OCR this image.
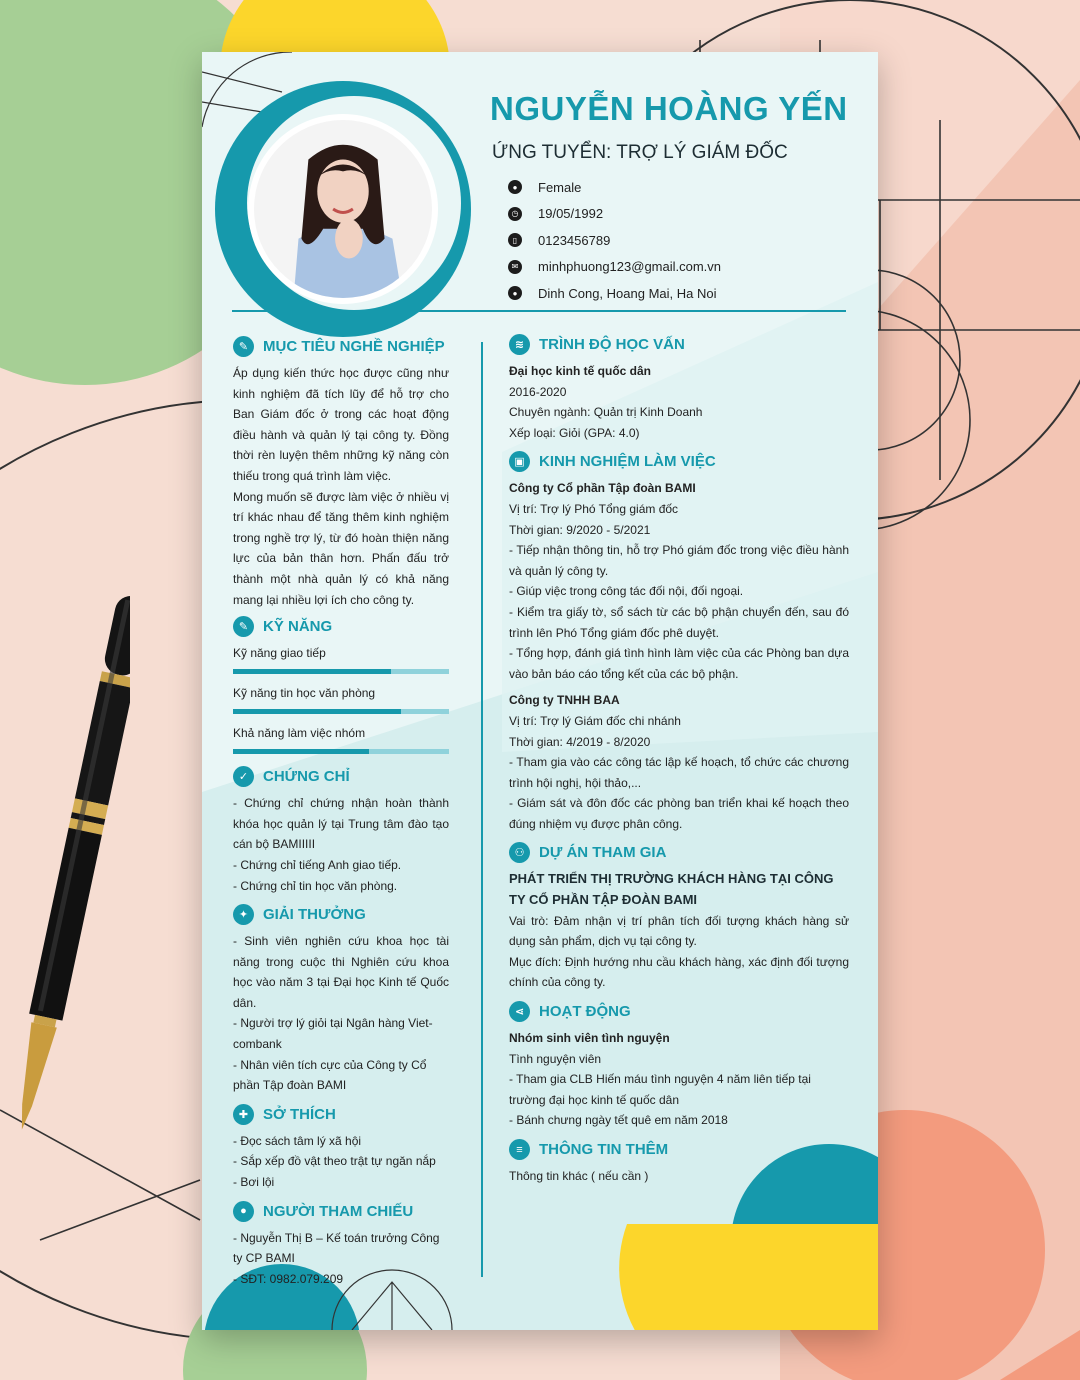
NGUYỄN HOÀNG YẾN
ỨNG TUYỂN: TRỢ LÝ GIÁM ĐỐC
●	Female
◷ 19/05/1992
▯	0123456789
✉ minhphuong123@gmail.com.vn
●	Dinh Cong, Hoang Mai, Ha Noi
✎ MỤC TIÊU NGHỀ NGHIỆP
Áp dụng kiến thức học được cũng như kinh nghiệm đã tích lũy để hỗ trợ cho Ban Giám đốc ở trong các hoạt động điều hành và quản lý tại công ty. Đồng thời rèn luyện thêm những kỹ năng còn thiếu trong quá trình làm việc.
Mong muốn sẽ được làm việc ở nhiều vị trí khác nhau để tăng thêm kinh nghiệm trong nghề trợ lý, từ đó hoàn thiện năng lực của bản thân hơn. Phấn đấu trở thành một nhà quản lý có khả năng mang lại nhiều lợi ích cho công ty.
✎ KỸ NĂNG
Kỹ năng giao tiếp
Kỹ năng tin học văn phòng
Khả năng làm việc nhóm
✓ CHỨNG CHỈ
- Chứng chỉ chứng nhận hoàn thành khóa học quản lý tại Trung tâm đào tạo cán bộ BAMIIIII
- Chứng chỉ tiếng Anh giao tiếp.
- Chứng chỉ tin học văn phòng.
✦ GIẢI THƯỞNG
- Sinh viên nghiên cứu khoa học tài năng trong cuộc thi Nghiên cứu khoa học vào năm 3 tại Đại học Kinh tế Quốc dân.
- Người trợ lý giỏi tại Ngân hàng Viet-combank
- Nhân viên tích cực của Công ty Cổ phần Tập đoàn BAMI
✚ SỞ THÍCH
- Đọc sách tâm lý xã hội
- Sắp xếp đồ vật theo trật tự ngăn nắp
- Bơi lội
●	NGƯỜI THAM CHIẾU
- Nguyễn Thị B – Kế toán trưởng Công ty CP BAMI
- SĐT: 0982.079.209
≋ TRÌNH ĐỘ HỌC VẤN
Đại học kinh tế quốc dân
2016-2020
Chuyên ngành: Quản trị Kinh Doanh
Xếp loại: Giỏi (GPA: 4.0)
▣ KINH NGHIỆM LÀM VIỆC
Công ty Cổ phần Tập đoàn BAMI
Vị trí: Trợ lý Phó Tổng giám đốc
Thời gian: 9/2020 - 5/2021
- Tiếp nhận thông tin, hỗ trợ Phó giám đốc trong việc điều hành và quản lý công ty.
- Giúp việc trong công tác đối nội, đối ngoại.
- Kiểm tra giấy tờ, sổ sách từ các bộ phận chuyển đến, sau đó trình lên Phó Tổng giám đốc phê duyệt.
- Tổng hợp, đánh giá tình hình làm việc của các Phòng ban dựa vào bản báo cáo tổng kết của các bộ phận.
Công ty TNHH BAA
Vị trí: Trợ lý Giám đốc chi nhánh
Thời gian: 4/2019 - 8/2020
- Tham gia vào các công tác lập kế hoạch, tổ chức các chương trình hội nghị, hội thảo,...
- Giám sát và đôn đốc các phòng ban triển khai kế hoạch theo đúng nhiệm vụ được phân công.
⚇ DỰ ÁN THAM GIA
PHÁT TRIỂN THỊ TRƯỜNG KHÁCH HÀNG TẠI CÔNG TY CỔ PHẦN TẬP ĐOÀN BAMI
Vai trò: Đảm nhận vị trí phân tích đối tượng khách hàng sử dụng sản phẩm, dịch vụ tại công ty.
Mục đích: Định hướng nhu cầu khách hàng, xác định đối tượng chính của công ty.
⋖ HOẠT ĐỘNG
Nhóm sinh viên tình nguyện
Tình nguyện viên
- Tham gia CLB Hiến máu tình nguyện 4 năm liên tiếp tại trường đại học kinh tế quốc dân
- Bánh chưng ngày tết quê em năm 2018
≡	THÔNG TIN THÊM
Thông tin khác ( nếu cần )
